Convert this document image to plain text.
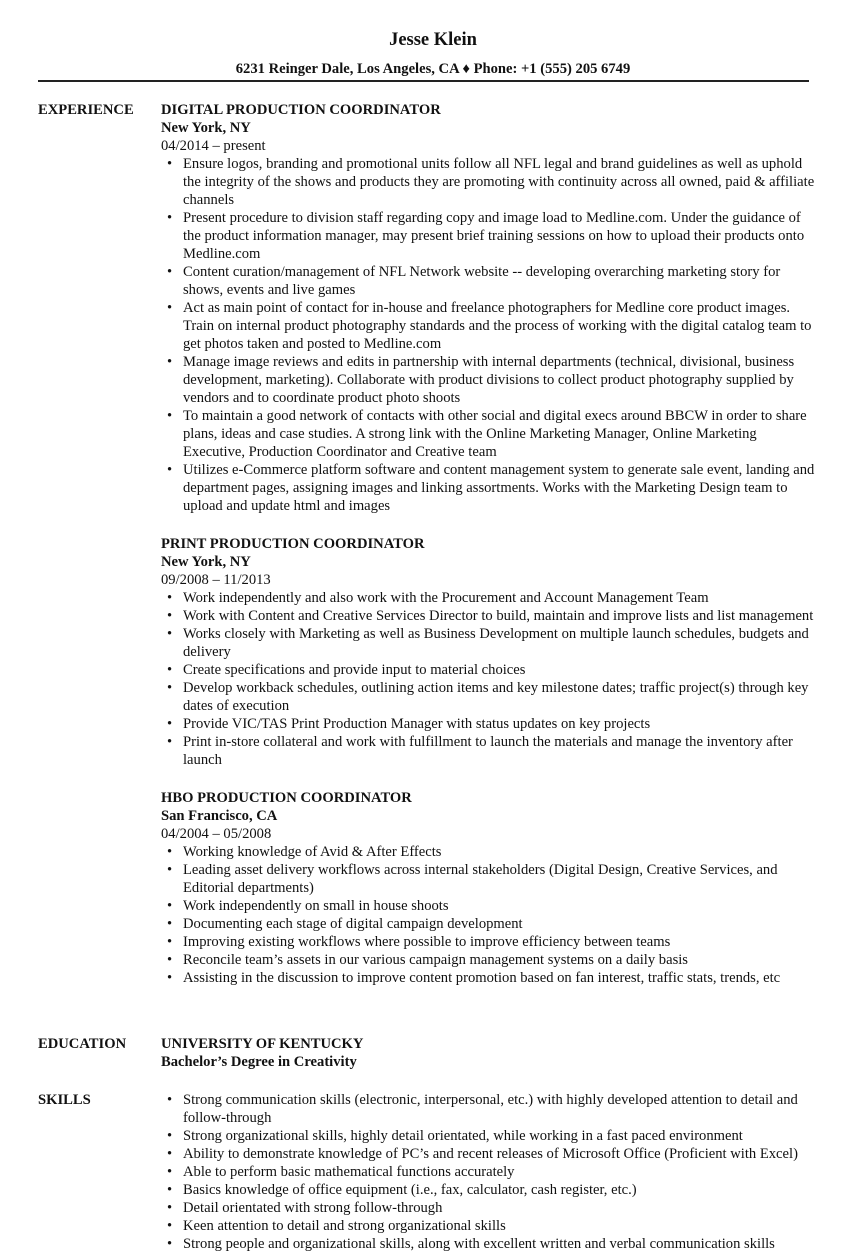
Jesse Klein
6231 Reinger Dale, Los Angeles, CA ♦ Phone: +1 (555) 205 6749
EXPERIENCE DIGITAL PRODUCTION COORDINATOR
New York, NY
04/2014 – present
• Ensure logos, branding and promotional units follow all NFL legal and brand guidelines as well as uphold the integrity of the shows and products they are promoting with continuity across all owned, paid & affiliate channels
• Present procedure to division staff regarding copy and image load to Medline.com. Under the guidance of the product information manager, may present brief training sessions on how to upload their products onto Medline.com
• Content curation/management of NFL Network website -- developing overarching marketing story for shows, events and live games
• Act as main point of contact for in-house and freelance photographers for Medline core product images. Train on internal product photography standards and the process of working with the digital catalog team to get photos taken and posted to Medline.com
• Manage image reviews and edits in partnership with internal departments (technical, divisional, business development, marketing). Collaborate with product divisions to collect product photography supplied by vendors and to coordinate product photo shoots
• To maintain a good network of contacts with other social and digital execs around BBCW in order to share plans, ideas and case studies. A strong link with the Online Marketing Manager, Online Marketing Executive, Production Coordinator and Creative team
• Utilizes e-Commerce platform software and content management system to generate sale event, landing and department pages, assigning images and linking assortments. Works with the Marketing Design team to upload and update html and images
PRINT PRODUCTION COORDINATOR
New York, NY
09/2008 – 11/2013
• Work independently and also work with the Procurement and Account Management Team
• Work with Content and Creative Services Director to build, maintain and improve lists and list management
• Works closely with Marketing as well as Business Development on multiple launch schedules, budgets and delivery
• Create specifications and provide input to material choices
• Develop workback schedules, outlining action items and key milestone dates; traffic project(s) through key dates of execution
• Provide VIC/TAS Print Production Manager with status updates on key projects
• Print in-store collateral and work with fulfillment to launch the materials and manage the inventory after launch
HBO PRODUCTION COORDINATOR
San Francisco, CA
04/2004 – 05/2008
• Working knowledge of Avid & After Effects
• Leading asset delivery workflows across internal stakeholders (Digital Design, Creative Services, and Editorial departments)
• Work independently on small in house shoots
• Documenting each stage of digital campaign development
• Improving existing workflows where possible to improve efficiency between teams
• Reconcile team’s assets in our various campaign management systems on a daily basis
• Assisting in the discussion to improve content promotion based on fan interest, traffic stats, trends, etc
EDUCATION UNIVERSITY OF KENTUCKY
Bachelor’s Degree in Creativity
SKILLS
•	Strong communication skills (electronic, interpersonal, etc.) with highly developed attention to detail and follow-through
• Strong organizational skills, highly detail orientated, while working in a fast paced environment
• Ability to demonstrate knowledge of PC’s and recent releases of Microsoft Office (Proficient with Excel)
• Able to perform basic mathematical functions accurately
• Basics knowledge of office equipment (i.e., fax, calculator, cash register, etc.)
• Detail orientated with strong follow-through
• Keen attention to detail and strong organizational skills
• Strong people and organizational skills, along with excellent written and verbal communication skills
